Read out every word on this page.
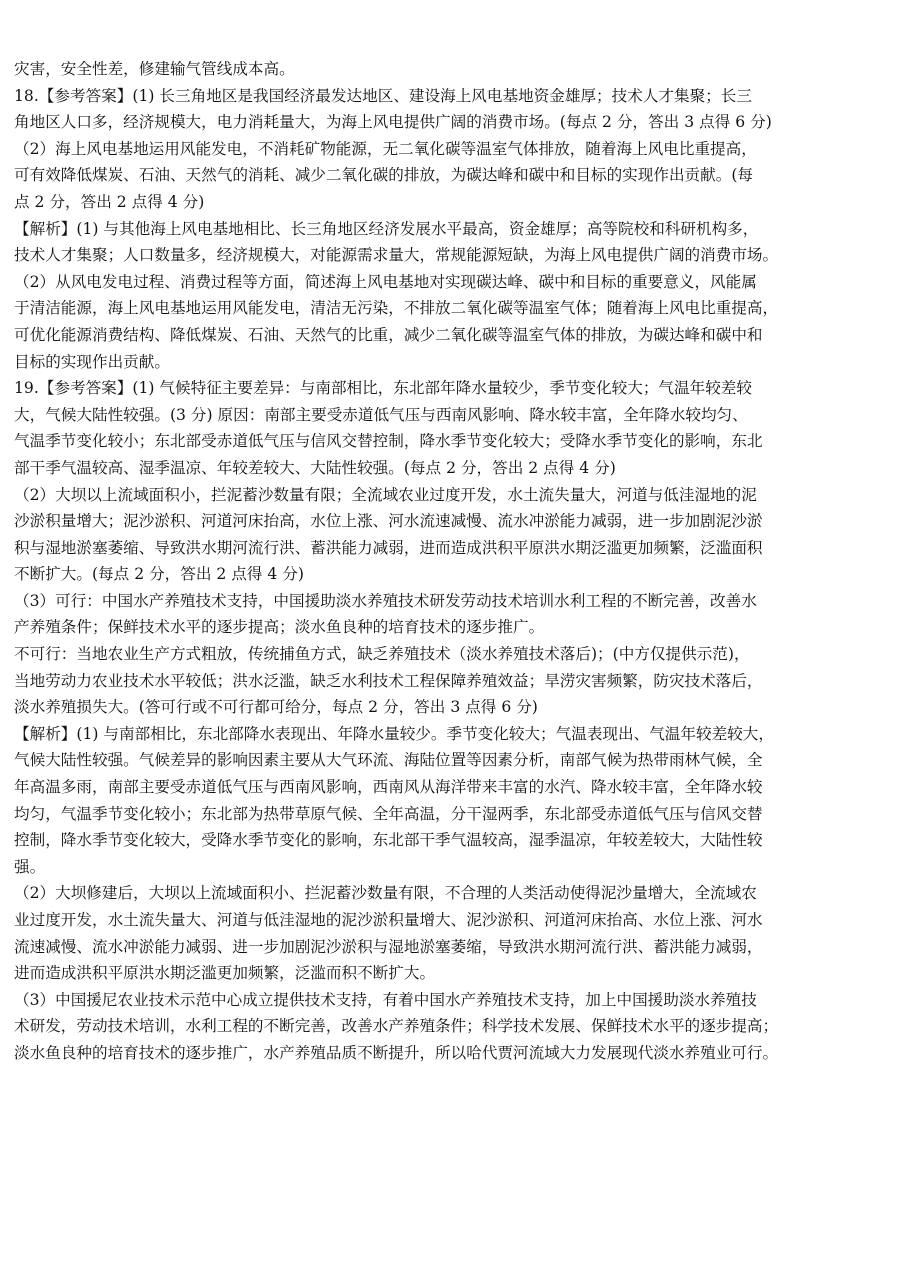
灾害，安全性差，修建输气管线成本高。
18.【参考答案】(1) 长三角地区是我国经济最发达地区、建设海上风电基地资金雄厚；技术人才集聚；长三
角地区人口多，经济规模大，电力消耗量大，为海上风电提供广阔的消费市场。(每点 2 分，答出 3 点得 6 分)
（2）海上风电基地运用风能发电，不消耗矿物能源，无二氧化碳等温室气体排放，随着海上风电比重提高，
可有效降低煤炭、石油、天然气的消耗、减少二氧化碳的排放，为碳达峰和碳中和目标的实现作出贡献。(每
点 2 分，答出 2 点得 4 分)
【解析】(1) 与其他海上风电基地相比、长三角地区经济发展水平最高，资金雄厚；高等院校和科研机构多，
技术人才集聚；人口数量多，经济规模大，对能源需求量大，常规能源短缺，为海上风电提供广阔的消费市场。
（2）从风电发电过程、消费过程等方面，简述海上风电基地对实现碳达峰、碳中和目标的重要意义，风能属
于清洁能源，海上风电基地运用风能发电，清洁无污染，不排放二氧化碳等温室气体；随着海上风电比重提高，
可优化能源消费结构、降低煤炭、石油、天然气的比重，减少二氧化碳等温室气体的排放，为碳达峰和碳中和
目标的实现作出贡献。
19.【参考答案】(1) 气候特征主要差异：与南部相比，东北部年降水量较少，季节变化较大；气温年较差较
大，气候大陆性较强。(3 分) 原因：南部主要受赤道低气压与西南风影响、降水较丰富，全年降水较均匀、
气温季节变化较小；东北部受赤道低气压与信风交替控制，降水季节变化较大；受降水季节变化的影响，东北
部干季气温较高、湿季温凉、年较差较大、大陆性较强。(每点 2 分，答出 2 点得 4 分)
（2）大坝以上流域面积小，拦泥蓄沙数量有限；全流域农业过度开发，水土流失量大，河道与低洼湿地的泥
沙淤积量增大；泥沙淤积、河道河床抬高，水位上涨、河水流速减慢、流水冲淤能力减弱，进一步加剧泥沙淤
积与湿地淤塞萎缩、导致洪水期河流行洪、蓄洪能力减弱，进而造成洪积平原洪水期泛滥更加频繁，泛滥面积
不断扩大。(每点 2 分，答出 2 点得 4 分)
（3）可行：中国水产养殖技术支持，中国援助淡水养殖技术研发劳动技术培训水利工程的不断完善，改善水
产养殖条件；保鲜技术水平的逐步提高；淡水鱼良种的培育技术的逐步推广。
不可行：当地农业生产方式粗放，传统捕鱼方式，缺乏养殖技术（淡水养殖技术落后)；(中方仅提供示范)，
当地劳动力农业技术水平较低；洪水泛滥，缺乏水利技术工程保障养殖效益；旱涝灾害频繁，防灾技术落后，
淡水养殖损失大。(答可行或不可行都可给分，每点 2 分，答出 3 点得 6 分)
【解析】(1) 与南部相比，东北部降水表现出、年降水量较少。季节变化较大；气温表现出、气温年较差较大，
气候大陆性较强。气候差异的影响因素主要从大气环流、海陆位置等因素分析，南部气候为热带雨林气候，全
年高温多雨，南部主要受赤道低气压与西南风影响，西南风从海洋带来丰富的水汽、降水较丰富，全年降水较
均匀，气温季节变化较小；东北部为热带草原气候、全年高温，分干湿两季，东北部受赤道低气压与信风交替
控制，降水季节变化较大，受降水季节变化的影响，东北部干季气温较高，湿季温凉，年较差较大，大陆性较
强。
（2）大坝修建后，大坝以上流域面积小、拦泥蓄沙数量有限，不合理的人类活动使得泥沙量增大，全流域农
业过度开发，水土流失量大、河道与低洼湿地的泥沙淤积量增大、泥沙淤积、河道河床抬高、水位上涨、河水
流速减慢、流水冲淤能力减弱、进一步加剧泥沙淤积与湿地淤塞萎缩，导致洪水期河流行洪、蓄洪能力减弱，
进而造成洪积平原洪水期泛滥更加频繁，泛滥而积不断扩大。
（3）中国援尼农业技术示范中心成立提供技术支持，有着中国水产养殖技术支持，加上中国援助淡水养殖技
术研发，劳动技术培训，水利工程的不断完善，改善水产养殖条件；科学技术发展、保鲜技术水平的逐步提高；
淡水鱼良种的培育技术的逐步推广，水产养殖品质不断提升，所以哈代贾河流域大力发展现代淡水养殖业可行。
